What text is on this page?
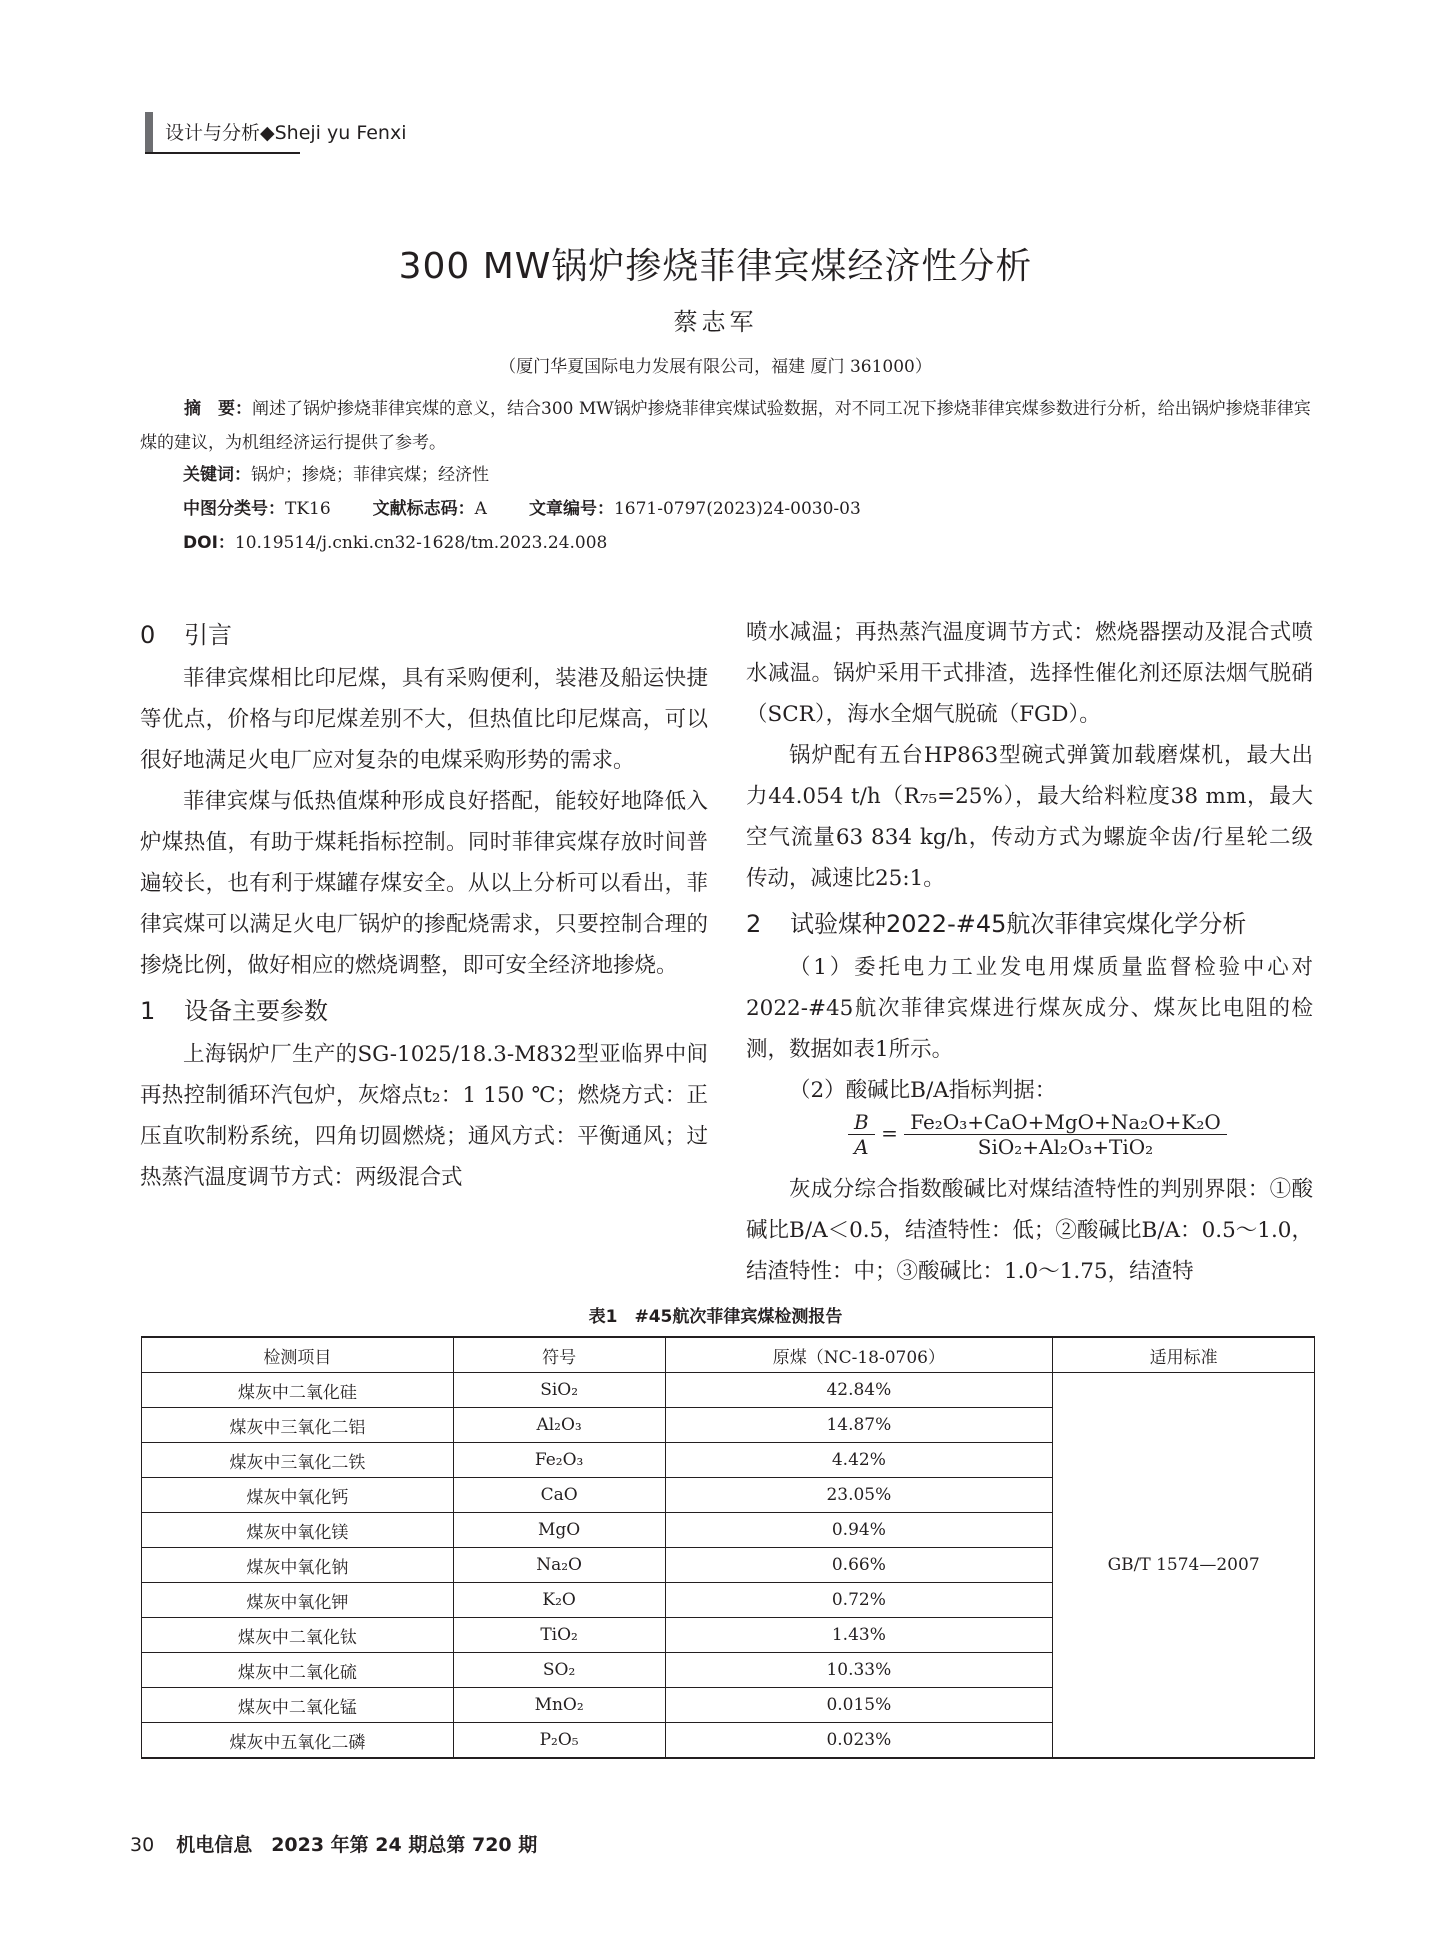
设计与分析◆Sheji yu Fenxi
300 MW锅炉掺烧菲律宾煤经济性分析
蔡志军
（厦门华夏国际电力发展有限公司，福建 厦门 361000）
摘　要：阐述了锅炉掺烧菲律宾煤的意义，结合300 MW锅炉掺烧菲律宾煤试验数据，对不同工况下掺烧菲律宾煤参数进行分析，给出锅炉掺烧菲律宾煤的建议，为机组经济运行提供了参考。
关键词：锅炉；掺烧；菲律宾煤；经济性
中图分类号：TK16 文献标志码：A 文章编号：1671-0797(2023)24-0030-03
DOI：10.19514/j.cnki.cn32-1628/tm.2023.24.008
0 引言

菲律宾煤相比印尼煤，具有采购便利，装港及船运快捷等优点，价格与印尼煤差别不大，但热值比印尼煤高，可以很好地满足火电厂应对复杂的电煤采购形势的需求。

菲律宾煤与低热值煤种形成良好搭配，能较好地降低入炉煤热值，有助于煤耗指标控制。同时菲律宾煤存放时间普遍较长，也有利于煤罐存煤安全。从以上分析可以看出，菲律宾煤可以满足火电厂锅炉的掺配烧需求，只要控制合理的掺烧比例，做好相应的燃烧调整，即可安全经济地掺烧。

1 设备主要参数

上海锅炉厂生产的SG-1025/18.3-M832型亚临界中间再热控制循环汽包炉，灰熔点t₂：1 150 ℃；燃烧方式：正压直吹制粉系统，四角切圆燃烧；通风方式：平衡通风；过热蒸汽温度调节方式：两级混合式

喷水减温；再热蒸汽温度调节方式：燃烧器摆动及混合式喷水减温。锅炉采用干式排渣，选择性催化剂还原法烟气脱硝（SCR），海水全烟气脱硫（FGD）。

锅炉配有五台HP863型碗式弹簧加载磨煤机，最大出力44.054 t/h（R₇₅=25%），最大给料粒度38 mm，最大空气流量63 834 kg/h，传动方式为螺旋伞齿/行星轮二级传动，减速比25:1。

2 试验煤种2022-#45航次菲律宾煤化学分析

（1）委托电力工业发电用煤质量监督检验中心对2022-#45航次菲律宾煤进行煤灰成分、煤灰比电阻的检测，数据如表1所示。

（2）酸碱比B/A指标判据：

灰成分综合指数酸碱比对煤结渣特性的判别界限：①酸碱比B/A＜0.5，结渣特性：低；②酸碱比B/A：0.5～1.0，结渣特性：中；③酸碱比：1.0～1.75，结渣特

$\frac{B}{A} = \frac{\text{Fe₂O₃+CaO+MgO+Na₂O+K₂O}}{\text{SiO₂+Al₂O₃+TiO₂}}$
表1　#45航次菲律宾煤检测报告
检测项目	符号	原煤（NC-18-0706）	适用标准
煤灰中二氧化硅	SiO₂	42.84%	GB/T 1574—2007
煤灰中三氧化二铝	Al₂O₃	14.87%	
煤灰中三氧化二铁	Fe₂O₃	4.42%	
煤灰中氧化钙	CaO	23.05%	
煤灰中氧化镁	MgO	0.94%	
煤灰中氧化钠	Na₂O	0.66%	
煤灰中氧化钾	K₂O	0.72%	
煤灰中二氧化钛	TiO₂	1.43%	
煤灰中二氧化硫	SO₂	10.33%	
煤灰中二氧化锰	MnO₂	0.015%	
煤灰中五氧化二磷	P₂O₅	0.023%	
30 机电信息　2023 年第 24 期总第 720 期
